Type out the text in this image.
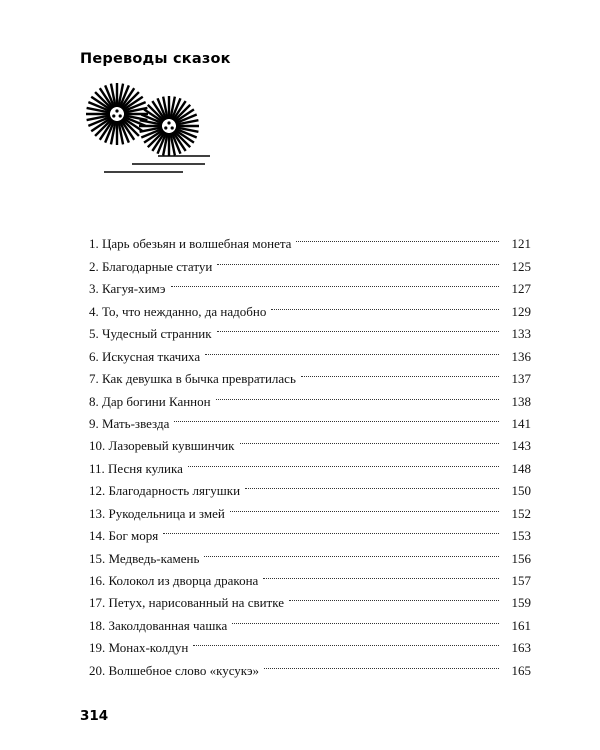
Переводы сказок
1. Царь обезьян и волшебная монета	121
2. Благодарные статуи	125
3. Кагуя-химэ	127
4. То, что нежданно, да надобно	129
5. Чудесный странник	133
6. Искусная ткачиха	136
7. Как девушка в бычка превратилась	137
8. Дар богини Каннон	138
9. Мать-звезда	141
10. Лазоревый кувшинчик	143
11. Песня кулика	148
12. Благодарность лягушки	150
13. Рукодельница и змей	152
14. Бог моря	153
15. Медведь-камень	156
16. Колокол из дворца дракона	157
17. Петух, нарисованный на свитке	159
18. Заколдованная чашка	161
19. Монах-колдун	163
20. Волшебное слово «кусукэ»	165
314
